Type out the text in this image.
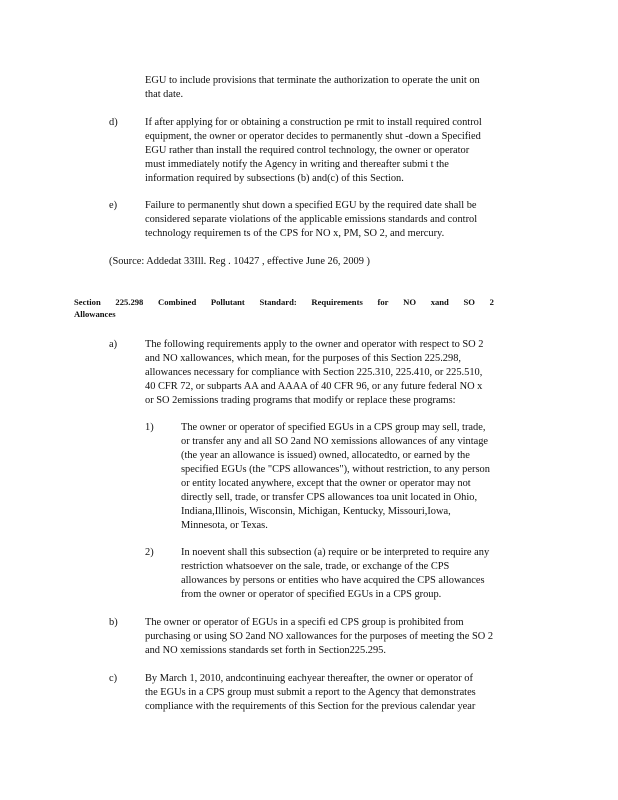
EGU to include provisions that terminate the authorization to operate the unit on
that date.
d)	If after applying for or obtaining a construction pe rmit to install required control
equipment, the owner or operator decides to permanently shut -down a Specified
EGU rather than install the required control technology, the owner or operator
must immediately notify the Agency in writing and thereafter submi t the
information required by subsections (b) and(c) of this Section.
e)	Failure to permanently shut down a specified EGU by the required date shall be
considered separate violations of the applicable emissions standards and control
technology requiremen ts of the CPS for NO x, PM, SO 2, and mercury.
(Source: Addedat 33Ill. Reg . 10427 , effective June 26, 2009 )
Section 225.298 Combined Pollutant Standard: Requirements for NO xand SO 2
Allowances
a)	The following requirements apply to the owner and operator with respect to SO 2
and NO xallowances, which mean, for the purposes of this Section 225.298,
allowances necessary for compliance with Section 225.310, 225.410, or 225.510,
40 CFR 72, or subparts AA and AAAA of 40 CFR 96, or any future federal NO x
or SO 2emissions trading programs that modify or replace these programs:
1)	The owner or operator of specified EGUs in a CPS group may sell, trade,
or transfer any and all SO 2and NO xemissions allowances of any vintage
(the year an allowance is issued) owned, allocatedto, or earned by the
specified EGUs (the "CPS allowances"), without restriction, to any person
or entity located anywhere, except that the owner or operator may not
directly sell, trade, or transfer CPS allowances toa unit located in Ohio,
Indiana,Illinois, Wisconsin, Michigan, Kentucky, Missouri,Iowa,
Minnesota, or Texas.
2)	In noevent shall this subsection (a) require or be interpreted to require any
restriction whatsoever on the sale, trade, or exchange of the CPS
allowances by persons or entities who have acquired the CPS allowances
from the owner or operator of specified EGUs in a CPS group.
b)	The owner or operator of EGUs in a specifi ed CPS group is prohibited from
purchasing or using SO 2and NO xallowances for the purposes of meeting the SO 2
and NO xemissions standards set forth in Section225.295.
c)	By March 1, 2010, andcontinuing eachyear thereafter, the owner or operator of
the EGUs in a CPS group must submit a report to the Agency that demonstrates
compliance with the requirements of this Section for the previous calendar year
